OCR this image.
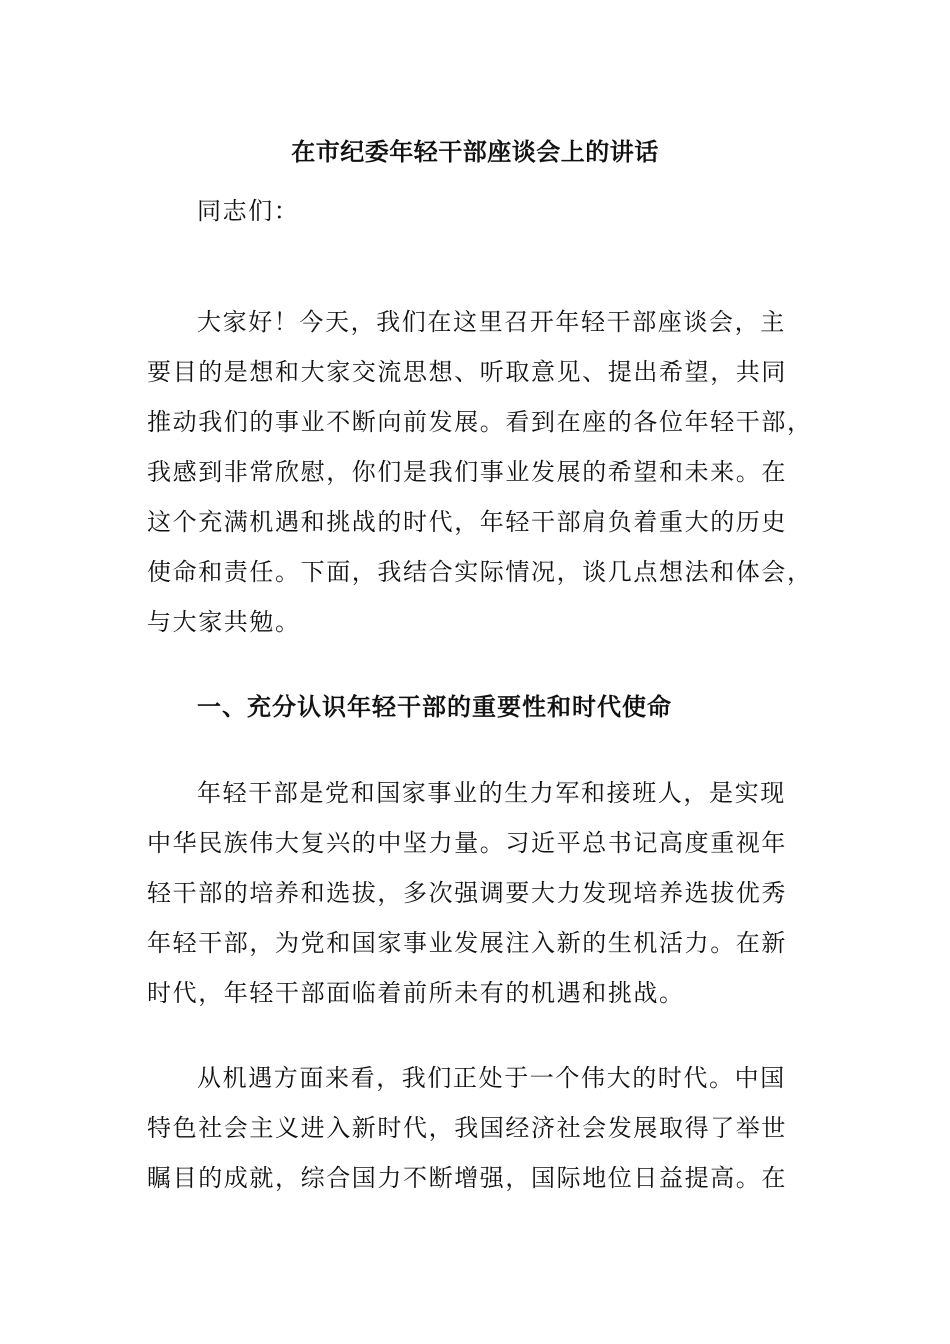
在市纪委年轻干部座谈会上的讲话
同志们：
大家好！今天，我们在这里召开年轻干部座谈会，主
要目的是想和大家交流思想、听取意见、提出希望，共同
推动我们的事业不断向前发展。看到在座的各位年轻干部，
我感到非常欣慰，你们是我们事业发展的希望和未来。在
这个充满机遇和挑战的时代，年轻干部肩负着重大的历史
使命和责任。下面，我结合实际情况，谈几点想法和体会，
与大家共勉。
一、充分认识年轻干部的重要性和时代使命
年轻干部是党和国家事业的生力军和接班人，是实现
中华民族伟大复兴的中坚力量。习近平总书记高度重视年
轻干部的培养和选拔，多次强调要大力发现培养选拔优秀
年轻干部，为党和国家事业发展注入新的生机活力。在新
时代，年轻干部面临着前所未有的机遇和挑战。
从机遇方面来看，我们正处于一个伟大的时代。中国
特色社会主义进入新时代，我国经济社会发展取得了举世
瞩目的成就，综合国力不断增强，国际地位日益提高。在
